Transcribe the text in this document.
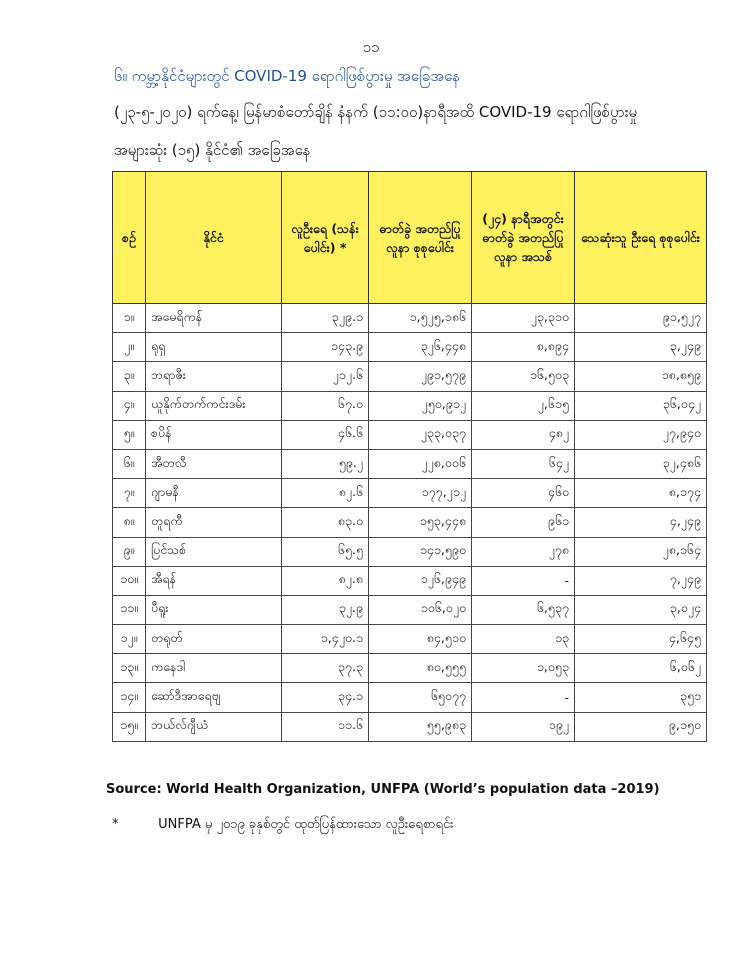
၁၁
၆။ ကမ္ဘာ့နိုင်ငံများတွင် COVID-19 ရောဂါဖြစ်ပွားမှု အခြေအနေ
(၂၃-၅-၂၀၂၀) ရက်နေ့၊ မြန်မာစံတော်ချိန် နံနက် (၁၁:၀၀)နာရီအထိ COVID-19 ရောဂါဖြစ်ပွားမှု
အများဆုံး (၁၅) နိုင်ငံ၏ အခြေအနေ
စဉ်	နိုင်ငံ	လူဦးရေ (သန်းပေါင်း) *	ဓာတ်ခွဲ အတည်ပြု လူနာ စုစုပေါင်း	(၂၄) နာရီအတွင်း ဓာတ်ခွဲ အတည်ပြု လူနာ အသစ်	သေဆုံးသူ ဦးရေ စုစုပေါင်း
၁။	အမေရိကန်	၃၂၉.၁	၁,၅၂၅,၁၈၆	၂၃,၃၁၀	၉၁,၅၂၇
၂။	ရုရှ	၁၄၃.၉	၃၂၆,၄၄၈	၈,၈၉၄	၃,၂၄၉
၃။	ဘရာဇီး	၂၁၂.၆	၂၉၁,၅၇၉	၁၆,၅၀၃	၁၈,၈၅၉
၄။	ယူနိုက်တက်ကင်းဒမ်း	၆၇.၀	၂၅၀,၉၁၂	၂,၆၁၅	၃၆,၀၄၂
၅။	စပိန်	၄၆.၆	၂၃၃,၀၃၇	၄၈၂	၂၇,၉၄၀
၆။	အီတလီ	၅၉.၂	၂၂၈,၀၀၆	၆၄၂	၃၂,၄၈၆
၇။	ဂျာမနီ	၈၂.၆	၁၇၇,၂၁၂	၄၆၀	၈,၁၇၄
၈။	တူရကီ	၈၃.၀	၁၅၃,၄၄၈	၉၆၁	၄,၂၄၉
၉။	ပြင်သစ်	၆၅.၅	၁၄၁,၅၉၀	၂၇၈	၂၈,၁၆၄
၁၀။	အီရန်	၈၂.၈	၁၂၆,၉၄၉	-	၇,၂၄၉
၁၁။	ပီရူး	၃၂.၉	၁၀၆,၀၂၀	၆,၅၃၇	၃,၀၂၄
၁၂။	တရုတ်	၁,၄၂၀.၁	၈၄,၅၁၀	၁၃	၄,၆၄၅
၁၃။	ကနေဒါ	၃၇.၃	၈၀,၅၅၅	၁,၀၅၃	၆,၀၆၂
၁၄။	ဆော်ဒီအာရေဗျ	၃၄.၁	၆၅၀၇၇	-	၃၅၁
၁၅။	ဘယ်လ်ဂျီယံ	၁၁.၆	၅၅,၉၈၃	၁၉၂	၉,၁၅၀
Source: World Health Organization, UNFPA (World’s population data –2019)
*	UNFPA မှ ၂၀၁၉ ခုနှစ်တွင် ထုတ်ပြန်ထားသော လူဦးရေစာရင်း
